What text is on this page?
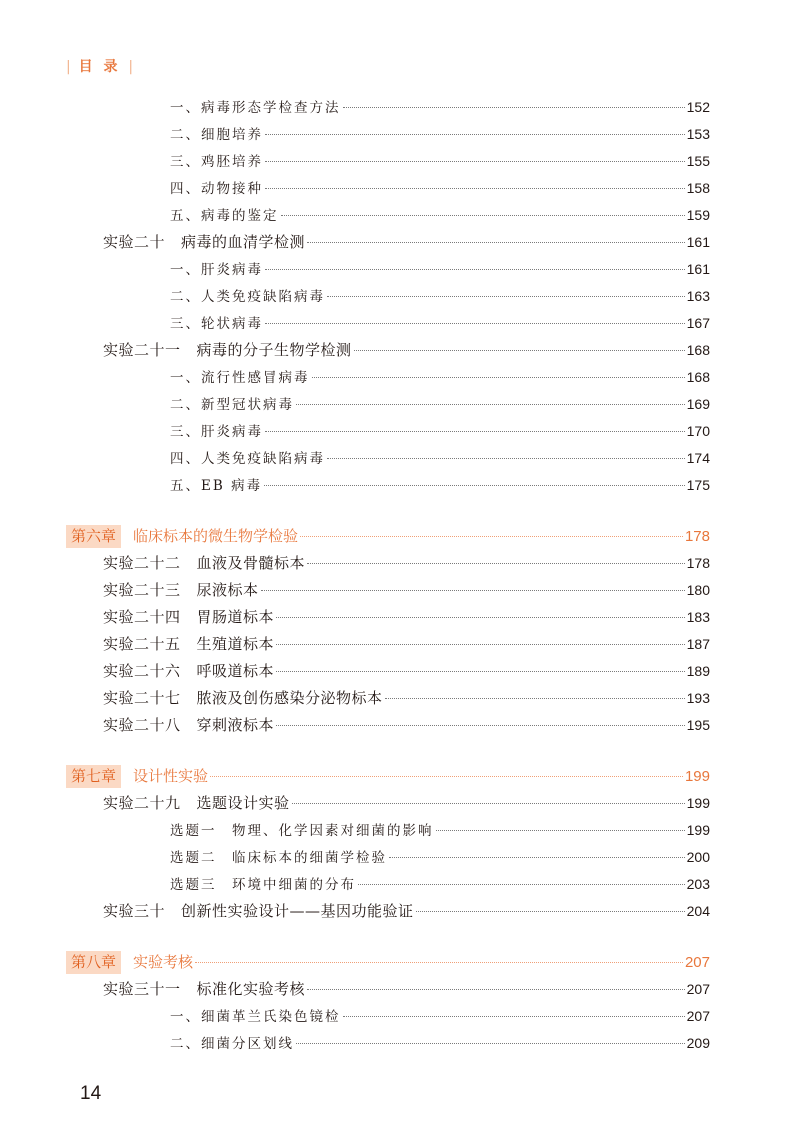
| 目 录 |
一、病毒形态学检查方法	152
二、细胞培养	153
三、鸡胚培养	155
四、动物接种	158
五、病毒的鉴定	159
实验二十 病毒的血清学检测	161
一、肝炎病毒	161
二、人类免疫缺陷病毒	163
三、轮状病毒	167
实验二十一 病毒的分子生物学检测	168
一、流行性感冒病毒	168
二、新型冠状病毒	169
三、肝炎病毒	170
四、人类免疫缺陷病毒	174
五、EB 病毒	175
第六章 临床标本的微生物学检验	178
实验二十二 血液及骨髓标本	178
实验二十三 尿液标本	180
实验二十四 胃肠道标本	183
实验二十五 生殖道标本	187
实验二十六 呼吸道标本	189
实验二十七 脓液及创伤感染分泌物标本	193
实验二十八 穿刺液标本	195
第七章 设计性实验	199
实验二十九 选题设计实验	199
选题一　物理、化学因素对细菌的影响	199
选题二　临床标本的细菌学检验	200
选题三　环境中细菌的分布	203
实验三十 创新性实验设计——基因功能验证	204
第八章 实验考核	207
实验三十一 标准化实验考核	207
一、细菌革兰氏染色镜检	207
二、细菌分区划线	209
14
